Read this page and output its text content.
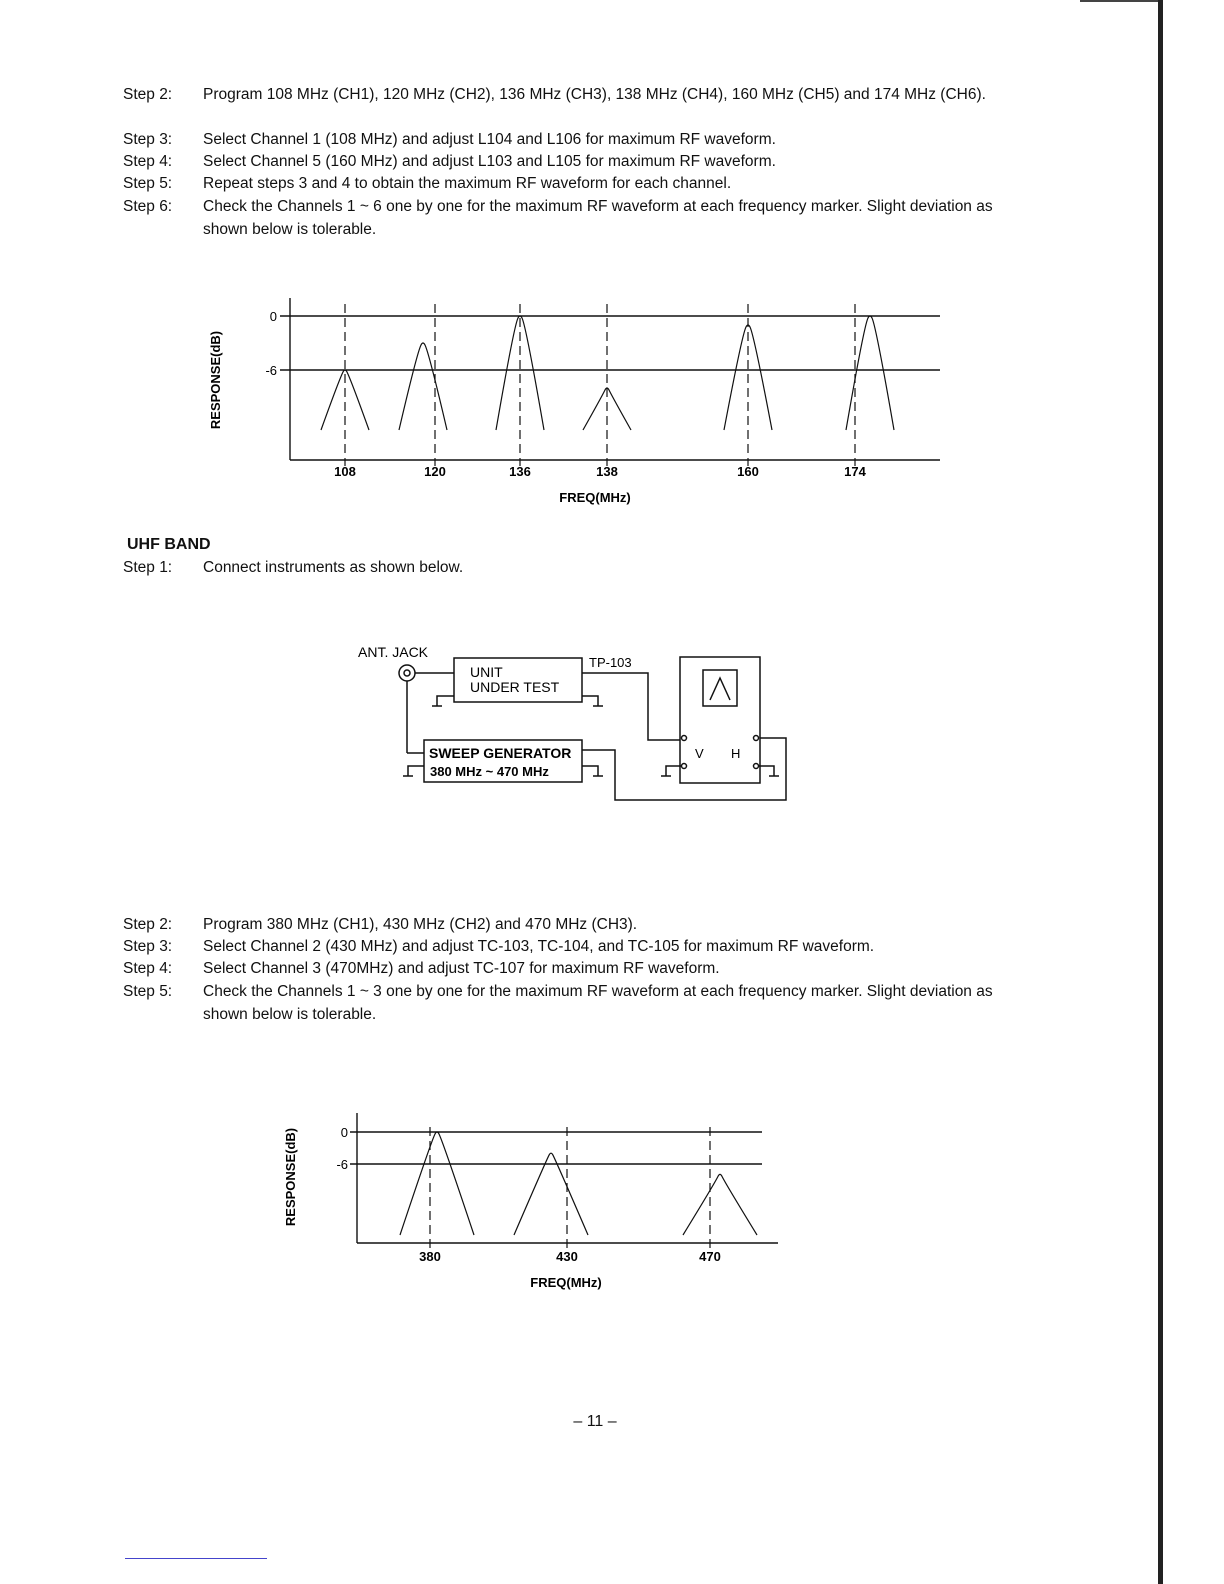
Step 2:	Program 108 MHz (CH1), 120 MHz (CH2), 136 MHz (CH3), 138 MHz (CH4), 160 MHz (CH5) and 174 MHz (CH6).
Step 3:	Select Channel 1 (108 MHz) and adjust L104 and L106 for maximum RF waveform.
Step 4:	Select Channel 5 (160 MHz) and adjust L103 and L105 for maximum RF waveform.
Step 5:	Repeat steps 3 and 4 to obtain the maximum RF waveform for each channel.
Step 6:	Check the Channels 1 ~ 6 one by one for the maximum RF waveform at each frequency marker. Slight deviation as shown below is tolerable.
0
-6
RESPONSE(dB)
108	120	136	138	160	174
FREQ(MHz)
UHF BAND
Step 1:	Connect instruments as shown below.
ANT. JACK
UNIT
UNDER TEST
TP-103
SWEEP GENERATOR
380 MHz ~ 470 MHz
V H
Step 2:	Program 380 MHz (CH1), 430 MHz (CH2) and 470 MHz (CH3).
Step 3:	Select Channel 2 (430 MHz) and adjust TC-103, TC-104, and TC-105 for maximum RF waveform.
Step 4:	Select Channel 3 (470MHz) and adjust TC-107 for maximum RF waveform.
Step 5:	Check the Channels 1 ~ 3 one by one for the maximum RF waveform at each frequency marker. Slight deviation as shown below is tolerable.
0
-6
RESPONSE(dB)
380	430	470
FREQ(MHz)
– 11 –
